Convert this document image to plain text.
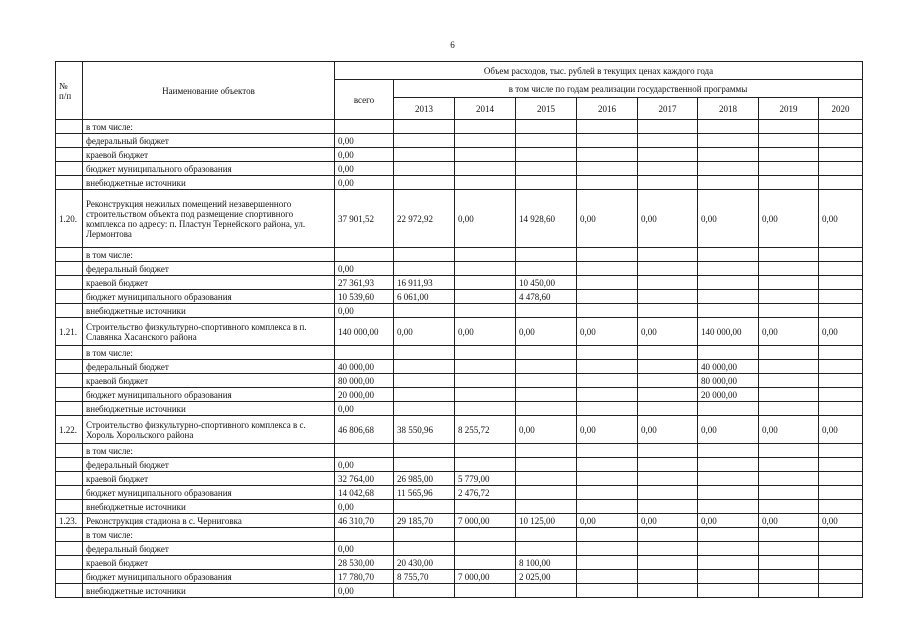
6
№
п/п	Наименование объектов	Объем расходов, тыс. рублей в текущих ценах каждого года								
		всего	в том числе по годам реализации государственной программы							
			2013	2014	2015	2016	2017	2018	2019	2020
	в том числе:									
	федеральный бюджет	0,00								
	краевой бюджет	0,00								
	бюджет муниципального образования	0,00								
	внебюджетные источники	0,00								
1.20.	Реконструкция нежилых помещений незавершенного строительством объекта под размещение спортивного комплекса по адресу: п. Пластун Тернейского района, ул. Лермонтова	37 901,52	22 972,92	0,00	14 928,60	0,00	0,00	0,00	0,00	0,00
	в том числе:									
	федеральный бюджет	0,00								
	краевой бюджет	27 361,93	16 911,93		10 450,00					
	бюджет муниципального образования	10 539,60	6 061,00		4 478,60					
	внебюджетные источники	0,00								
1.21.	Строительство физкультурно-спортивного комплекса в п. Славянка Хасанского района	140 000,00	0,00	0,00	0,00	0,00	0,00	140 000,00	0,00	0,00
	в том числе:									
	федеральный бюджет	40 000,00						40 000,00		
	краевой бюджет	80 000,00						80 000,00		
	бюджет муниципального образования	20 000,00						20 000,00		
	внебюджетные источники	0,00								
1.22.	Строительство физкультурно-спортивного комплекса в с. Хороль Хорольского района	46 806,68	38 550,96	8 255,72	0,00	0,00	0,00	0,00	0,00	0,00
	в том числе:									
	федеральный бюджет	0,00								
	краевой бюджет	32 764,00	26 985,00	5 779,00						
	бюджет муниципального образования	14 042,68	11 565,96	2 476,72						
	внебюджетные источники	0,00								
1.23.	Реконструкция стадиона в с. Черниговка	46 310,70	29 185,70	7 000,00	10 125,00	0,00	0,00	0,00	0,00	0,00
	в том числе:									
	федеральный бюджет	0,00								
	краевой бюджет	28 530,00	20 430,00		8 100,00					
	бюджет муниципального образования	17 780,70	8 755,70	7 000,00	2 025,00					
	внебюджетные источники	0,00								
